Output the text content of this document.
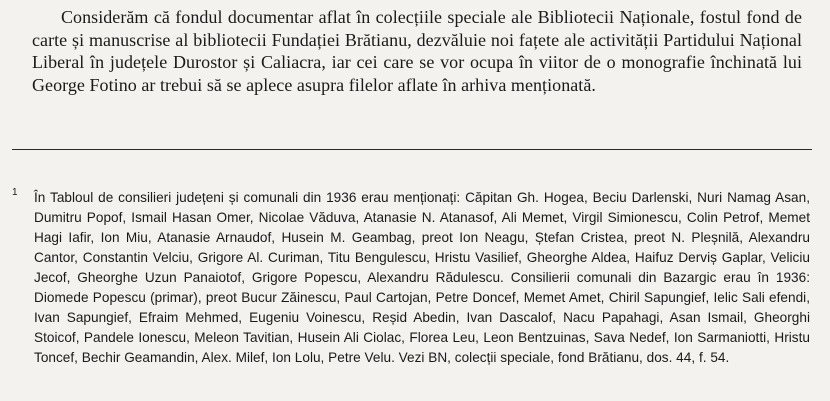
Considerăm că fondul documentar aflat în colecțiile speciale ale Bibliotecii Naționale, fostul fond de carte și manuscrise al bibliotecii Fundației Brătianu, dezvăluie noi fațete ale activității Partidului Național Liberal în județele Durostor și Caliacra, iar cei care se vor ocupa în viitor de o monografie închinată lui George Fotino ar trebui să se aplece asupra filelor aflate în arhiva menționată.

1 În Tabloul de consilieri județeni și comunali din 1936 erau menționați: Căpitan Gh. Hogea, Beciu Darlenski, Nuri Namag Asan, Dumitru Popof, Ismail Hasan Omer, Nicolae Văduva, Atanasie N. Atanasof, Ali Memet, Virgil Simionescu, Colin Petrof, Memet Hagi Iafir, Ion Miu, Atanasie Arnaudof, Husein M. Geambag, preot Ion Neagu, Ștefan Cristea, preot N. Pleșnilă, Alexandru Cantor, Constantin Velciu, Grigore Al. Curiman, Titu Bengulescu, Hristu Vasilief, Gheorghe Aldea, Haifuz Derviș Gaplar, Veliciu Jecof, Gheorghe Uzun Panaiotof, Grigore Popescu, Alexandru Rădulescu. Consilierii comunali din Bazargic erau în 1936: Diomede Popescu (primar), preot Bucur Zăinescu, Paul Cartojan, Petre Doncef, Memet Amet, Chiril Sapungief, Ielic Sali efendi, Ivan Sapungief, Efraim Mehmed, Eugeniu Voinescu, Reșid Abedin, Ivan Dascalof, Nacu Papahagi, Asan Ismail, Gheorghi Stoicof, Pandele Ionescu, Meleon Tavitian, Husein Ali Ciolac, Florea Leu, Leon Bentzuinas, Sava Nedef, Ion Sarmaniotti, Hristu Toncef, Bechir Geamandin, Alex. Milef, Ion Lolu, Petre Velu. Vezi BN, colecții speciale, fond Brătianu, dos. 44, f. 54.
